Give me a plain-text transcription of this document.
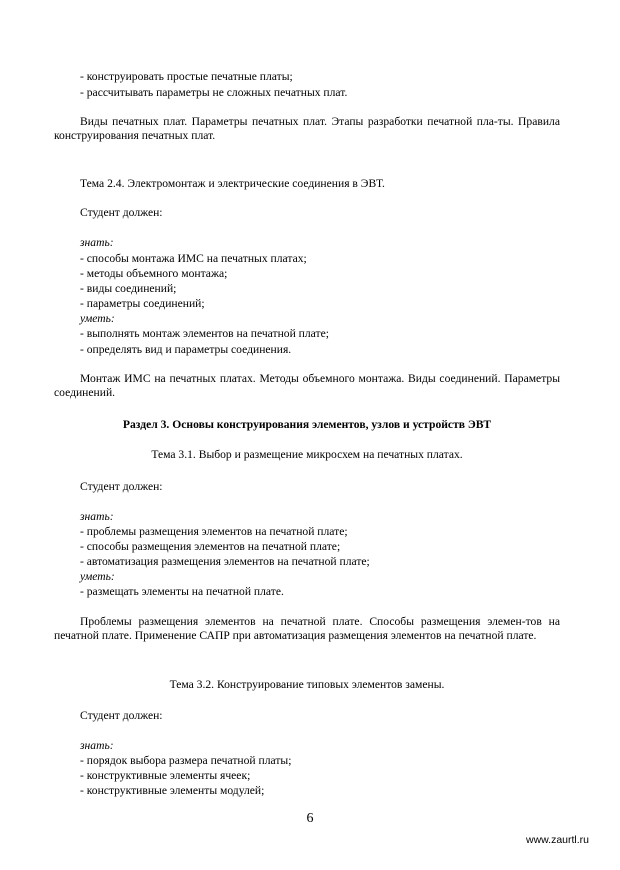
- конструировать простые печатные платы;
- рассчитывать параметры не сложных печатных плат.
Виды печатных плат. Параметры печатных плат. Этапы разработки печатной пла-ты. Правила конструирования печатных плат.
Тема 2.4. Электромонтаж и электрические соединения в ЭВТ.
Студент должен:
знать:
- способы монтажа ИМС на печатных платах;
- методы объемного монтажа;
- виды соединений;
- параметры соединений;
уметь:
- выполнять монтаж элементов на печатной плате;
- определять вид и параметры соединения.
Монтаж ИМС на печатных платах. Методы объемного монтажа. Виды соединений. Параметры соединений.
Раздел 3. Основы конструирования элементов, узлов и устройств ЭВТ
Тема 3.1. Выбор и размещение микросхем на печатных платах.
Студент должен:
знать:
- проблемы размещения элементов на печатной плате;
- способы размещения элементов на печатной плате;
- автоматизация размещения элементов на печатной плате;
уметь:
- размещать элементы на печатной плате.
Проблемы размещения элементов на печатной плате. Способы размещения элемен-тов на печатной плате. Применение САПР при автоматизация размещения элементов на печатной плате.
Тема 3.2. Конструирование типовых элементов замены.
Студент должен:
знать:
- порядок выбора размера печатной платы;
- конструктивные элементы ячеек;
- конструктивные элементы модулей;
6
www.zaurtl.ru
